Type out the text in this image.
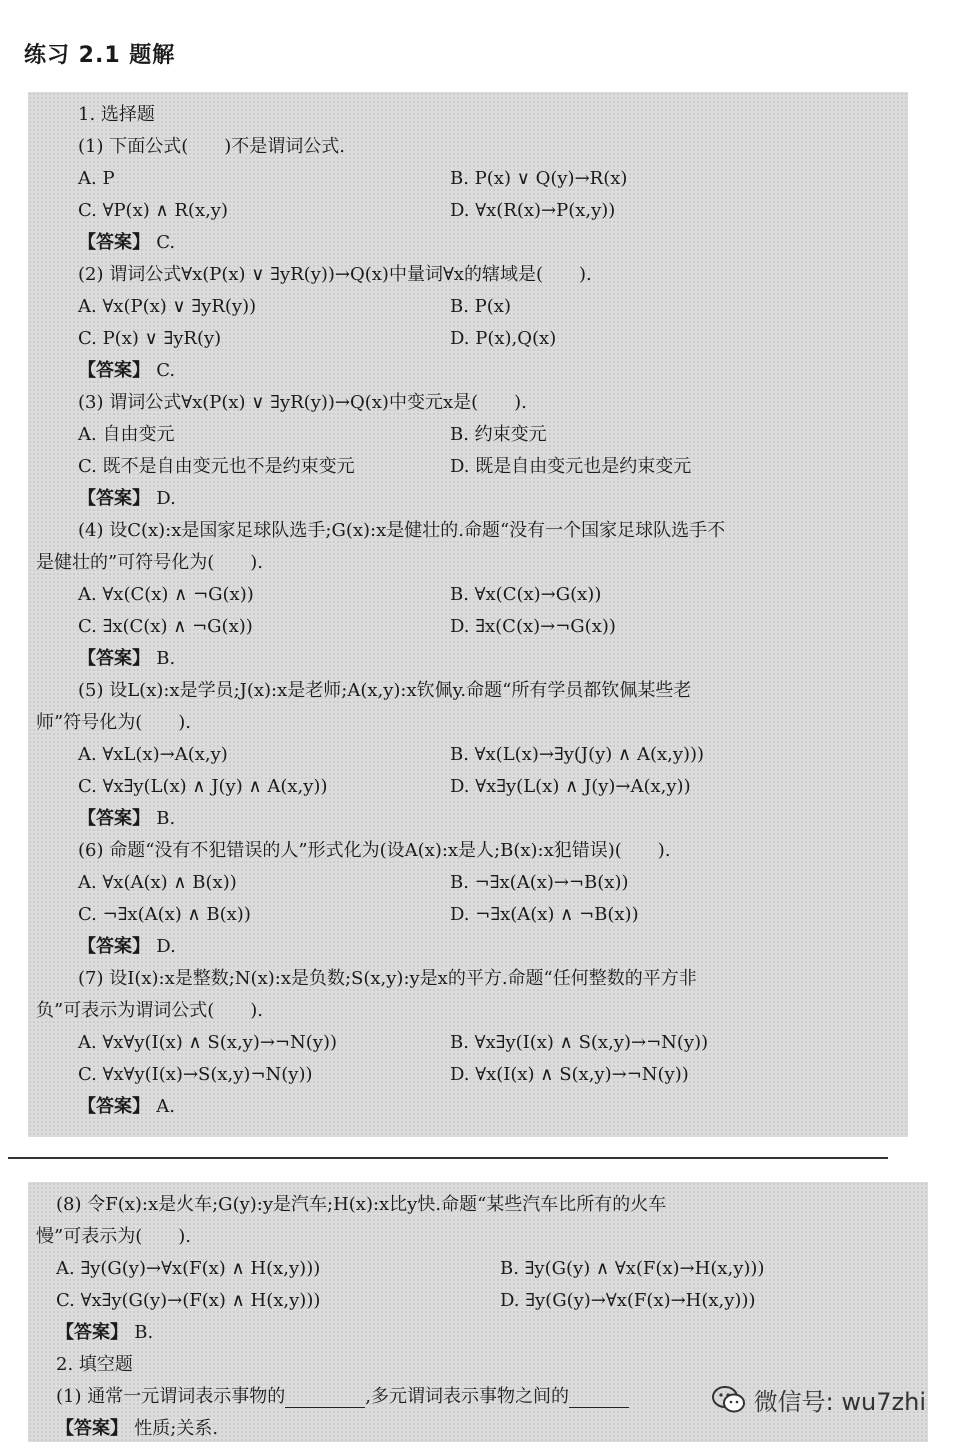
练习 2.1 题解
1. 选择题
(1) 下面公式(　　)不是谓词公式.
A. P	B. P(x) ∨ Q(y)→R(x)
C. ∀P(x) ∧ R(x,y)	D. ∀x(R(x)→P(x,y))
【答案】 C.
(2) 谓词公式∀x(P(x) ∨ ∃yR(y))→Q(x)中量词∀x的辖域是(　　).
A. ∀x(P(x) ∨ ∃yR(y))	B. P(x)
C. P(x) ∨ ∃yR(y)	D. P(x),Q(x)
【答案】 C.
(3) 谓词公式∀x(P(x) ∨ ∃yR(y))→Q(x)中变元x是(　　).
A. 自由变元	B. 约束变元
C. 既不是自由变元也不是约束变元	D. 既是自由变元也是约束变元
【答案】 D.
(4) 设C(x):x是国家足球队选手;G(x):x是健壮的.命题“没有一个国家足球队选手不
是健壮的”可符号化为(　　).
A. ∀x(C(x) ∧ ¬G(x))	B. ∀x(C(x)→G(x))
C. ∃x(C(x) ∧ ¬G(x))	D. ∃x(C(x)→¬G(x))
【答案】 B.
(5) 设L(x):x是学员;J(x):x是老师;A(x,y):x钦佩y.命题“所有学员都钦佩某些老
师”符号化为(　　).
A. ∀xL(x)→A(x,y)	B. ∀x(L(x)→∃y(J(y) ∧ A(x,y)))
C. ∀x∃y(L(x) ∧ J(y) ∧ A(x,y))	D. ∀x∃y(L(x) ∧ J(y)→A(x,y))
【答案】 B.
(6) 命题“没有不犯错误的人”形式化为(设A(x):x是人;B(x):x犯错误)(　　).
A. ∀x(A(x) ∧ B(x))	B. ¬∃x(A(x)→¬B(x))
C. ¬∃x(A(x) ∧ B(x))	D. ¬∃x(A(x) ∧ ¬B(x))
【答案】 D.
(7) 设I(x):x是整数;N(x):x是负数;S(x,y):y是x的平方.命题“任何整数的平方非
负”可表示为谓词公式(　　).
A. ∀x∀y(I(x) ∧ S(x,y)→¬N(y))	B. ∀x∃y(I(x) ∧ S(x,y)→¬N(y))
C. ∀x∀y(I(x)→S(x,y)¬N(y))	D. ∀x(I(x) ∧ S(x,y)→¬N(y))
【答案】 A.
(8) 令F(x):x是火车;G(y):y是汽车;H(x):x比y快.命题“某些汽车比所有的火车
慢”可表示为(　　).
A. ∃y(G(y)→∀x(F(x) ∧ H(x,y)))	B. ∃y(G(y) ∧ ∀x(F(x)→H(x,y)))
C. ∀x∃y(G(y)→(F(x) ∧ H(x,y)))	D. ∃y(G(y)→∀x(F(x)→H(x,y)))
【答案】 B.
2. 填空题
(1) 通常一元谓词表示事物的	,多元谓词表示事物之间的
【答案】 性质;关系.
微信号: wu7zhi
